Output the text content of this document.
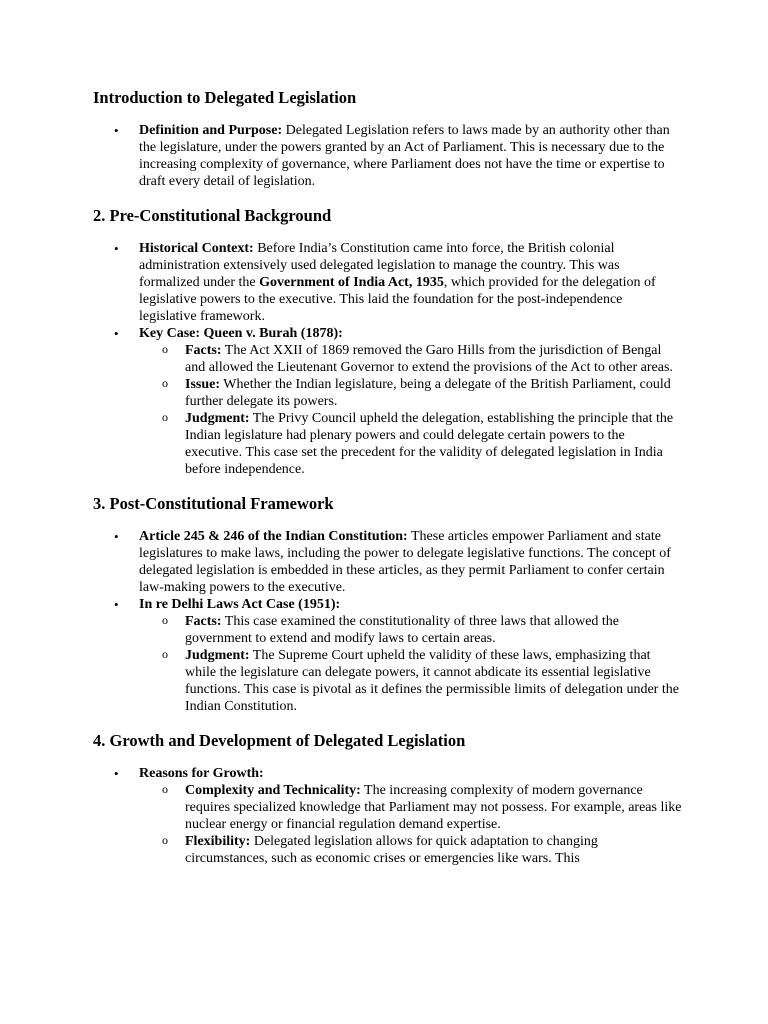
Introduction to Delegated Legislation
• Definition and Purpose: Delegated Legislation refers to laws made by an authority other than the legislature, under the powers granted by an Act of Parliament. This is necessary due to the increasing complexity of governance, where Parliament does not have the time or expertise to draft every detail of legislation.
2. Pre-Constitutional Background
• Historical Context: Before India’s Constitution came into force, the British colonial administration extensively used delegated legislation to manage the country. This was formalized under the Government of India Act, 1935, which provided for the delegation of legislative powers to the executive. This laid the foundation for the post-independence legislative framework.
• Key Case: Queen v. Burah (1878):
o Facts: The Act XXII of 1869 removed the Garo Hills from the jurisdiction of Bengal and allowed the Lieutenant Governor to extend the provisions of the Act to other areas.
o Issue: Whether the Indian legislature, being a delegate of the British Parliament, could further delegate its powers.
o Judgment: The Privy Council upheld the delegation, establishing the principle that the Indian legislature had plenary powers and could delegate certain powers to the executive. This case set the precedent for the validity of delegated legislation in India before independence.
3. Post-Constitutional Framework
• Article 245 & 246 of the Indian Constitution: These articles empower Parliament and state legislatures to make laws, including the power to delegate legislative functions. The concept of delegated legislation is embedded in these articles, as they permit Parliament to confer certain law-making powers to the executive.
• In re Delhi Laws Act Case (1951):
o Facts: This case examined the constitutionality of three laws that allowed the government to extend and modify laws to certain areas.
o Judgment: The Supreme Court upheld the validity of these laws, emphasizing that while the legislature can delegate powers, it cannot abdicate its essential legislative functions. This case is pivotal as it defines the permissible limits of delegation under the Indian Constitution.
4. Growth and Development of Delegated Legislation
• Reasons for Growth:
o Complexity and Technicality: The increasing complexity of modern governance requires specialized knowledge that Parliament may not possess. For example, areas like nuclear energy or financial regulation demand expertise.
o Flexibility: Delegated legislation allows for quick adaptation to changing circumstances, such as economic crises or emergencies like wars. This
